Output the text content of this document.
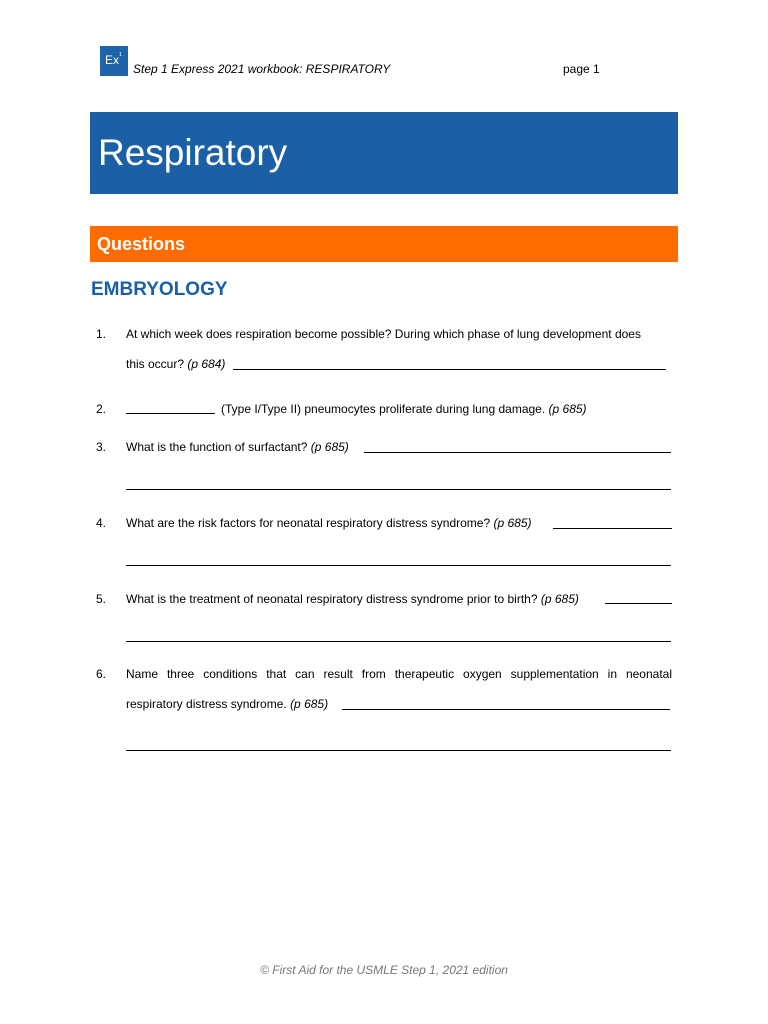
Ex$^1$
Step 1 Express 2021 workbook: RESPIRATORY	page 1
Respiratory
Questions
EMBRYOLOGY
1. At which week does respiration become possible? During which phase of lung development does
this occur? (p 684)
2.	(Type I/Type II) pneumocytes proliferate during lung damage. (p 685)
3. What is the function of surfactant? (p 685)
4. What are the risk factors for neonatal respiratory distress syndrome? (p 685)
5. What is the treatment of neonatal respiratory distress syndrome prior to birth? (p 685)
6. Name three conditions that can result from therapeutic oxygen supplementation in neonatal
respiratory distress syndrome. (p 685)
© First Aid for the USMLE Step 1, 2021 edition
